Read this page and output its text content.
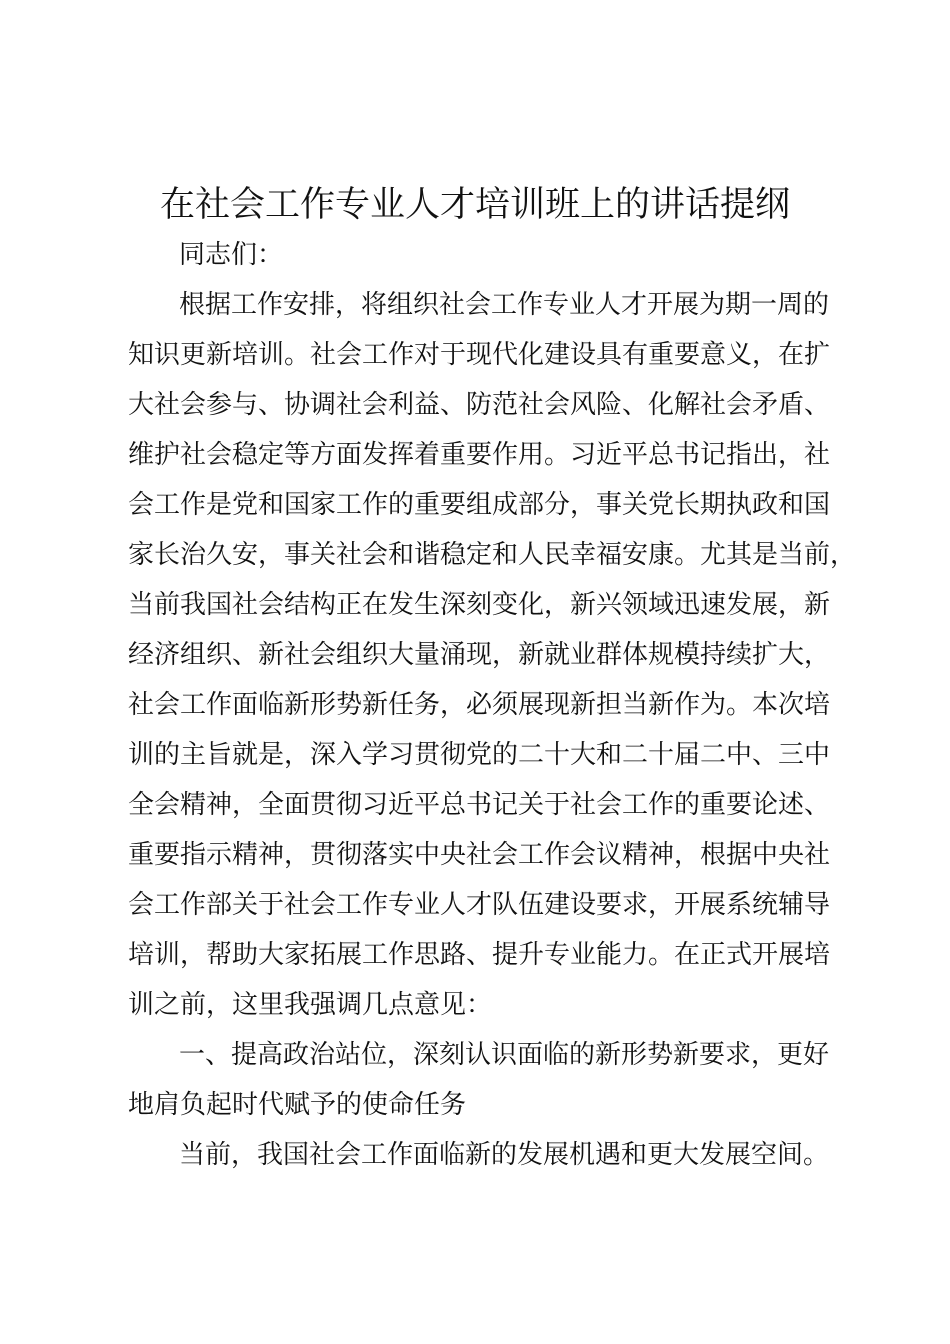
在社会工作专业人才培训班上的讲话提纲

同志们：

根据工作安排，将组织社会工作专业人才开展为期一周的

知识更新培训。社会工作对于现代化建设具有重要意义，在扩

大社会参与、协调社会利益、防范社会风险、化解社会矛盾、

维护社会稳定等方面发挥着重要作用。习近平总书记指出，社

会工作是党和国家工作的重要组成部分，事关党长期执政和国

家长治久安，事关社会和谐稳定和人民幸福安康。尤其是当前，

当前我国社会结构正在发生深刻变化，新兴领域迅速发展，新

经济组织、新社会组织大量涌现，新就业群体规模持续扩大，

社会工作面临新形势新任务，必须展现新担当新作为。本次培

训的主旨就是，深入学习贯彻党的二十大和二十届二中、三中

全会精神，全面贯彻习近平总书记关于社会工作的重要论述、

重要指示精神，贯彻落实中央社会工作会议精神，根据中央社

会工作部关于社会工作专业人才队伍建设要求，开展系统辅导

培训，帮助大家拓展工作思路、提升专业能力。在正式开展培

训之前，这里我强调几点意见：

一、提高政治站位，深刻认识面临的新形势新要求，更好

地肩负起时代赋予的使命任务

当前，我国社会工作面临新的发展机遇和更大发展空间。
